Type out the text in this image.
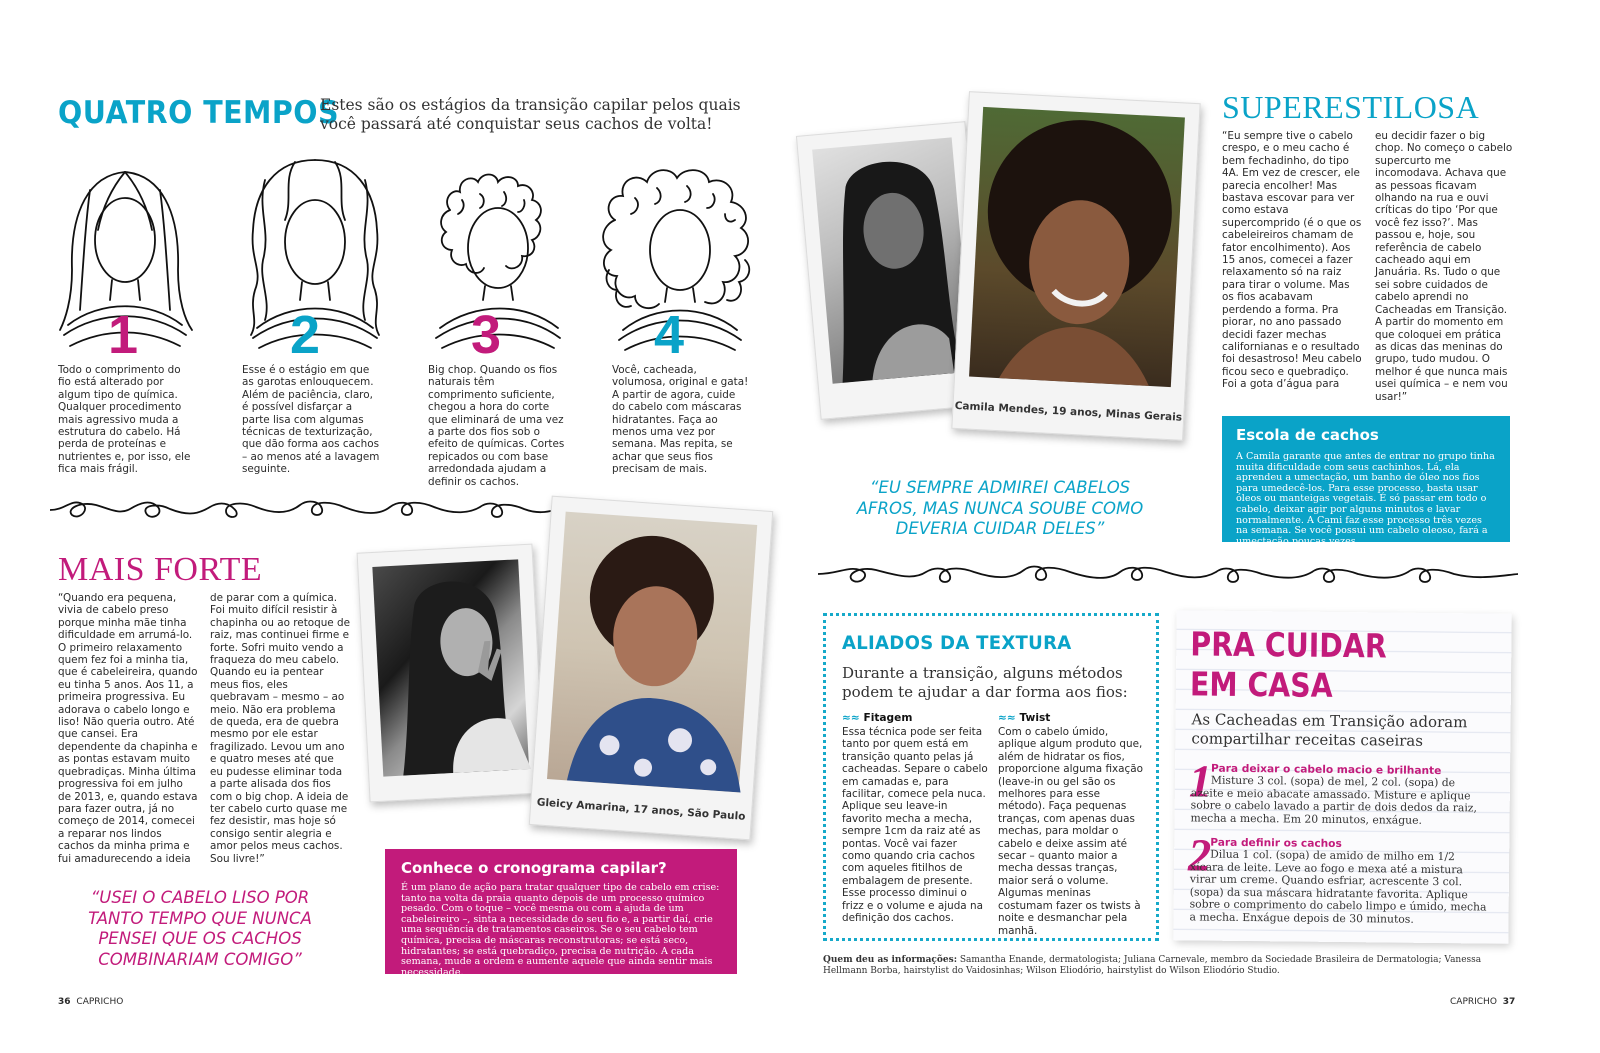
QUATRO TEMPOS
Estes são os estágios da transição capilar pelos quais você passará até conquistar seus cachos de volta!
1	2	3	4
Todo o comprimento do fio está alterado por algum tipo de química. Qualquer procedimento mais agressivo muda a estrutura do cabelo. Há perda de proteínas e nutrientes e, por isso, ele fica mais frágil.
Esse é o estágio em que as garotas enlouquecem. Além de paciência, claro, é possível disfarçar a parte lisa com algumas técnicas de texturização, que dão forma aos cachos – ao menos até a lavagem seguinte.
Big chop. Quando os fios naturais têm comprimento suficiente, chegou a hora do corte que eliminará de uma vez a parte dos fios sob o efeito de químicas. Cortes repicados ou com base arredondada ajudam a definir os cachos.
Você, cacheada, volumosa, original e gata! A partir de agora, cuide do cabelo com máscaras hidratantes. Faça ao menos uma vez por semana. Mas repita, se achar que seus fios precisam de mais.
MAIS FORTE
“Quando era pequena, vivia de cabelo preso porque minha mãe tinha dificuldade em arrumá-lo. O primeiro relaxamento quem fez foi a minha tia, que é cabeleireira, quando eu tinha 5 anos. Aos 11, a primeira progressiva. Eu adorava o cabelo longo e liso! Não queria outro. Até que cansei. Era dependente da chapinha e as pontas estavam muito quebradiças. Minha última progressiva foi em julho de 2013, e, quando estava para fazer outra, já no começo de 2014, comecei a reparar nos lindos cachos da minha prima e fui amadurecendo a ideia
de parar com a química. Foi muito difícil resistir à chapinha ou ao retoque de raiz, mas continuei firme e forte. Sofri muito vendo a fraqueza do meu cabelo. Quando eu ia pentear meus fios, eles quebravam – mesmo – ao meio. Não era problema de queda, era de quebra mesmo por ele estar fragilizado. Levou um ano e quatro meses até que eu pudesse eliminar toda a parte alisada dos fios com o big chop. A ideia de ter cabelo curto quase me fez desistir, mas hoje só consigo sentir alegria e amor pelos meus cachos. Sou livre!”
“USEI O CABELO LISO POR TANTO TEMPO QUE NUNCA PENSEI QUE OS CACHOS COMBINARIAM COMIGO”
Gleicy Amarina, 17 anos, São Paulo
Conhece o cronograma capilar?
É um plano de ação para tratar qualquer tipo de cabelo em crise: tanto na volta da praia quanto depois de um processo químico pesado. Com o toque – você mesma ou com a ajuda de um cabeleireiro –, sinta a necessidade do seu fio e, a partir daí, crie uma sequência de tratamentos caseiros. Se o seu cabelo tem química, precisa de máscaras reconstrutoras; se está seco, hidratantes; se está quebradiço, precisa de nutrição. A cada semana, mude a ordem e aumente aquele que ainda sentir mais necessidade.
36 CAPRICHO
Camila Mendes, 19 anos, Minas Gerais
“EU SEMPRE ADMIREI CABELOS AFROS, MAS NUNCA SOUBE COMO DEVERIA CUIDAR DELES”
SUPERESTILOSA
“Eu sempre tive o cabelo crespo, e o meu cacho é bem fechadinho, do tipo 4A. Em vez de crescer, ele parecia encolher! Mas bastava escovar para ver como estava supercomprido (é o que os cabeleireiros chamam de fator encolhimento). Aos 15 anos, comecei a fazer relaxamento só na raiz para tirar o volume. Mas os fios acabavam perdendo a forma. Pra piorar, no ano passado decidi fazer mechas californianas e o resultado foi desastroso! Meu cabelo ficou seco e quebradiço. Foi a gota d’água para
eu decidir fazer o big chop. No começo o cabelo supercurto me incomodava. Achava que as pessoas ficavam olhando na rua e ouvi críticas do tipo ‘Por que você fez isso?’. Mas passou e, hoje, sou referência de cabelo cacheado aqui em Januária. Rs. Tudo o que sei sobre cuidados de cabelo aprendi no Cacheadas em Transição. A partir do momento em que coloquei em prática as dicas das meninas do grupo, tudo mudou. O melhor é que nunca mais usei química – e nem vou usar!”
Escola de cachos
A Camila garante que antes de entrar no grupo tinha muita dificuldade com seus cachinhos. Lá, ela aprendeu a umectação, um banho de óleo nos fios para umedecê-los. Para esse processo, basta usar óleos ou manteigas vegetais. É só passar em todo o cabelo, deixar agir por alguns minutos e lavar normalmente. A Cami faz esse processo três vezes na semana. Se você possui um cabelo oleoso, fará a umectação poucas vezes.
ALIADOS DA TEXTURA
Durante a transição, alguns métodos podem te ajudar a dar forma aos fios:
≈≈ Fitagem
Essa técnica pode ser feita tanto por quem está em transição quanto pelas já cacheadas. Separe o cabelo em camadas e, para facilitar, comece pela nuca. Aplique seu leave-in favorito mecha a mecha, sempre 1cm da raiz até as pontas. Você vai fazer como quando cria cachos com aqueles fitilhos de embalagem de presente. Esse processo diminui o frizz e o volume e ajuda na definição dos cachos.
≈≈ Twist
Com o cabelo úmido, aplique algum produto que, além de hidratar os fios, proporcione alguma fixação (leave-in ou gel são os melhores para esse método). Faça pequenas tranças, com apenas duas mechas, para moldar o cabelo e deixe assim até secar – quanto maior a mecha dessas tranças, maior será o volume. Algumas meninas costumam fazer os twists à noite e desmanchar pela manhã.
PRA CUIDAR
EM CASA
As Cacheadas em Transição adoram compartilhar receitas caseiras
1
Para deixar o cabelo macio e brilhante
Misture 3 col. (sopa) de mel, 2 col. (sopa) de azeite e meio abacate amassado. Misture e aplique sobre o cabelo lavado a partir de dois dedos da raiz, mecha a mecha. Em 20 minutos, enxágue.
2
Para definir os cachos
Dilua 1 col. (sopa) de amido de milho em 1/2 xícara de leite. Leve ao fogo e mexa até a mistura virar um creme. Quando esfriar, acrescente 3 col. (sopa) da sua máscara hidratante favorita. Aplique sobre o comprimento do cabelo limpo e úmido, mecha a mecha. Enxágue depois de 30 minutos.
Quem deu as informações: Samantha Enande, dermatologista; Juliana Carnevale, membro da Sociedade Brasileira de Dermatologia; Vanessa Hellmann Borba, hairstylist do Vaidosinhas; Wilson Eliodório, hairstylist do Wilson Eliodório Studio.
CAPRICHO 37
